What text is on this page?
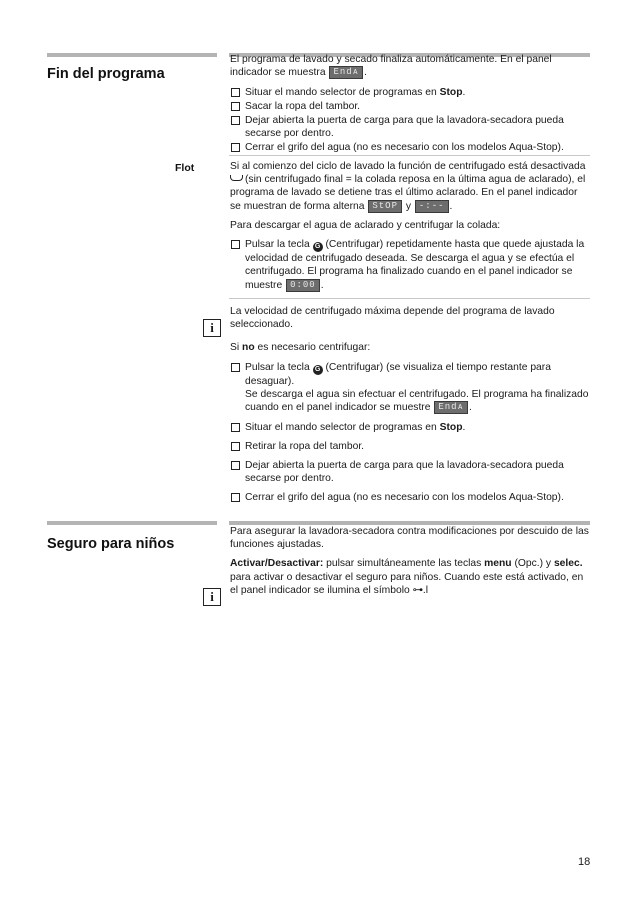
Fin del programa

El programa de lavado y secado finaliza automáticamente. En el panel indicador se muestra Endᴀ .

Situar el mando selector de programas en Stop.
Sacar la ropa del tambor.
Dejar abierta la puerta de carga para que la lavadora-secadora pueda secarse por dentro.
Cerrar el grifo del agua (no es necesario con los modelos Aqua-Stop).
Flot	Si al comienzo del ciclo de lavado la función de centrifugado está desactivada
(sin centrifugado final = la colada reposa en la última agua de aclarado), el programa de lavado se detiene tras el último aclarado. En el panel indicador se muestran de forma alterna StOP y -:-- .

Para descargar el agua de aclarado y centrifugar la colada:

Pulsar la tecla G (Centrifugar) repetidamente hasta que quede ajustada la velocidad de centrifugado deseada. Se descarga el agua y se efectúa el centrifugado. El programa ha finalizado cuando en el panel indicador se muestre 0:00 .

La velocidad de centrifugado máxima depende del programa de lavado seleccionado.

Si no es necesario centrifugar:

Pulsar la tecla G (Centrifugar) (se visualiza el tiempo restante para desaguar).
Se descarga el agua sin efectuar el centrifugado. El programa ha finalizado cuando en el panel indicador se muestre Endᴀ .
Situar el mando selector de programas en Stop.
Retirar la ropa del tambor.
Dejar abierta la puerta de carga para que la lavadora-secadora pueda secarse por dentro.
Cerrar el grifo del agua (no es necesario con los modelos Aqua-Stop).
i
Seguro para niños

Para asegurar la lavadora-secadora contra modificaciones por descuido de las funciones ajustadas.

Activar/Desactivar: pulsar simultáneamente las teclas menu (Opc.) y selec. para activar o desactivar el seguro para niños. Cuando este está activado, en el panel indicador se ilumina el símbolo ⊶.l

i
18
